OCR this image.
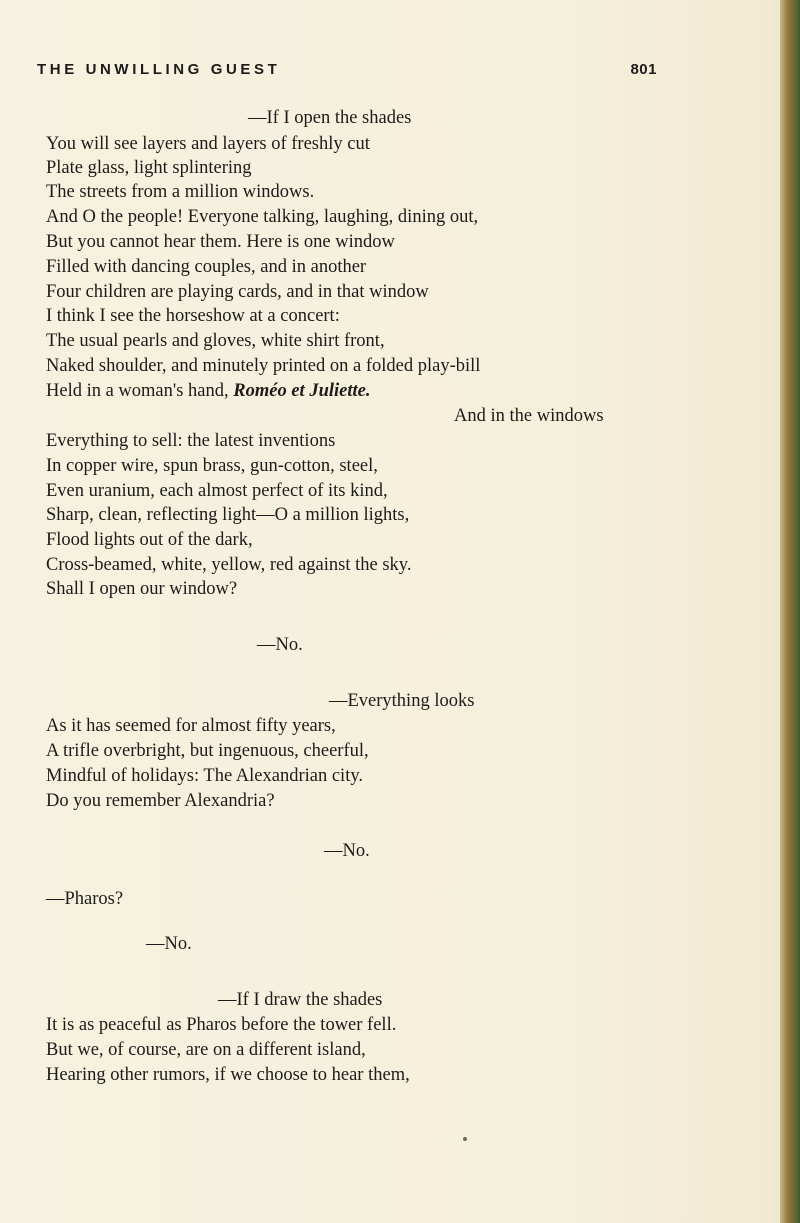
THE UNWILLING GUEST	801
—If I open the shades
You will see layers and layers of freshly cut
Plate glass, light splintering
The streets from a million windows.
And O the people! Everyone talking, laughing, dining out,
But you cannot hear them. Here is one window
Filled with dancing couples, and in another
Four children are playing cards, and in that window
I think I see the horseshow at a concert:
The usual pearls and gloves, white shirt front,
Naked shoulder, and minutely printed on a folded play-bill
Held in a woman's hand, Roméo et Juliette.
And in the windows
Everything to sell: the latest inventions
In copper wire, spun brass, gun-cotton, steel,
Even uranium, each almost perfect of its kind,
Sharp, clean, reflecting light—O a million lights,
Flood lights out of the dark,
Cross-beamed, white, yellow, red against the sky.
Shall I open our window?
—No.
—Everything looks
As it has seemed for almost fifty years,
A trifle overbright, but ingenuous, cheerful,
Mindful of holidays: The Alexandrian city.
Do you remember Alexandria?
—No.
—Pharos?
—No.
—If I draw the shades
It is as peaceful as Pharos before the tower fell.
But we, of course, are on a different island,
Hearing other rumors, if we choose to hear them,
